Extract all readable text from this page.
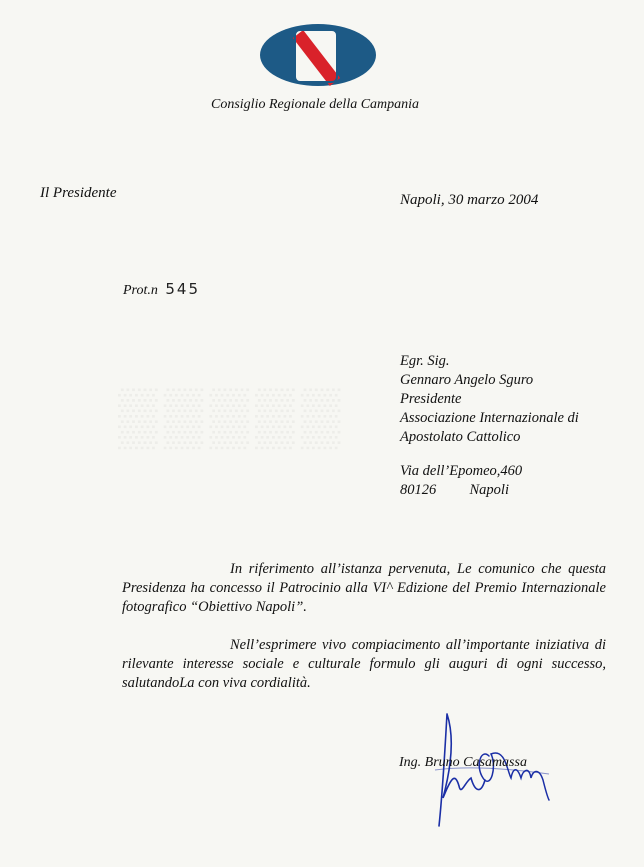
Consiglio Regionale della Campania
Il Presidente	Napoli, 30 marzo 2004
Prot.n 545
Egr. Sig.
Gennaro Angelo Sguro
Presidente
Associazione Internazionale di
Apostolato Cattolico
Via dell’Epomeo,460
80126 Napoli

In riferimento all’istanza pervenuta, Le comunico che questa Presidenza ha concesso il Patrocinio alla VI^ Edizione del Premio Internazionale fotografico “Obiettivo Napoli”.

Nell’esprimere vivo compiacimento all’importante iniziativa di rilevante interesse sociale e culturale formulo gli auguri di ogni successo, salutandoLa con viva cordialità.

Ing. Bruno Casamassa
